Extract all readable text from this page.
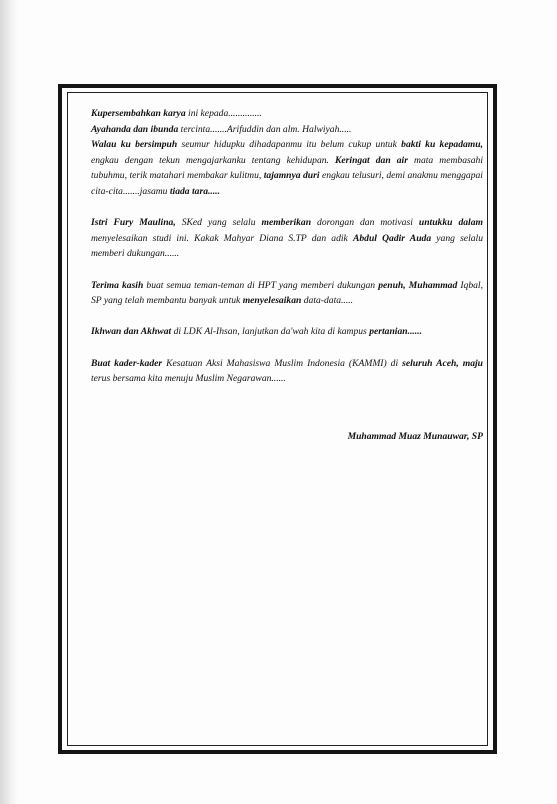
Kupersembahkan karya ini kepada..............

Ayahanda dan ibunda tercinta.......Arifuddin dan alm. Halwiyah.....

Walau ku bersimpuh seumur hidupku dihadapanmu itu belum cukup untuk bakti ku kepadamu, engkau dengan tekun mengajarkanku tentang kehidupan. Keringat dan air mata membasahi tubuhmu, terik matahari membakar kulitmu, tajamnya duri engkau telusuri, demi anakmu menggapai cita-cita.......jasamu tiada tara.....

Istri Fury Maulina, SKed yang selalu memberikan dorongan dan motivasi untukku dalam menyelesaikan studi ini. Kakak Mahyar Diana S.TP dan adik Abdul Qadir Auda yang selalu memberi dukungan......

Terima kasih buat semua teman-teman di HPT yang memberi dukungan penuh, Muhammad Iqbal, SP yang telah membantu banyak untuk menyelesaikan data-data.....

Ikhwan dan Akhwat di LDK Al-Ihsan, lanjutkan da'wah kita di kampus pertanian......

Buat kader-kader Kesatuan Aksi Mahasiswa Muslim Indonesia (KAMMI) di seluruh Aceh, maju terus bersama kita menuju Muslim Negarawan......

Muhammad Muaz Munauwar, SP
